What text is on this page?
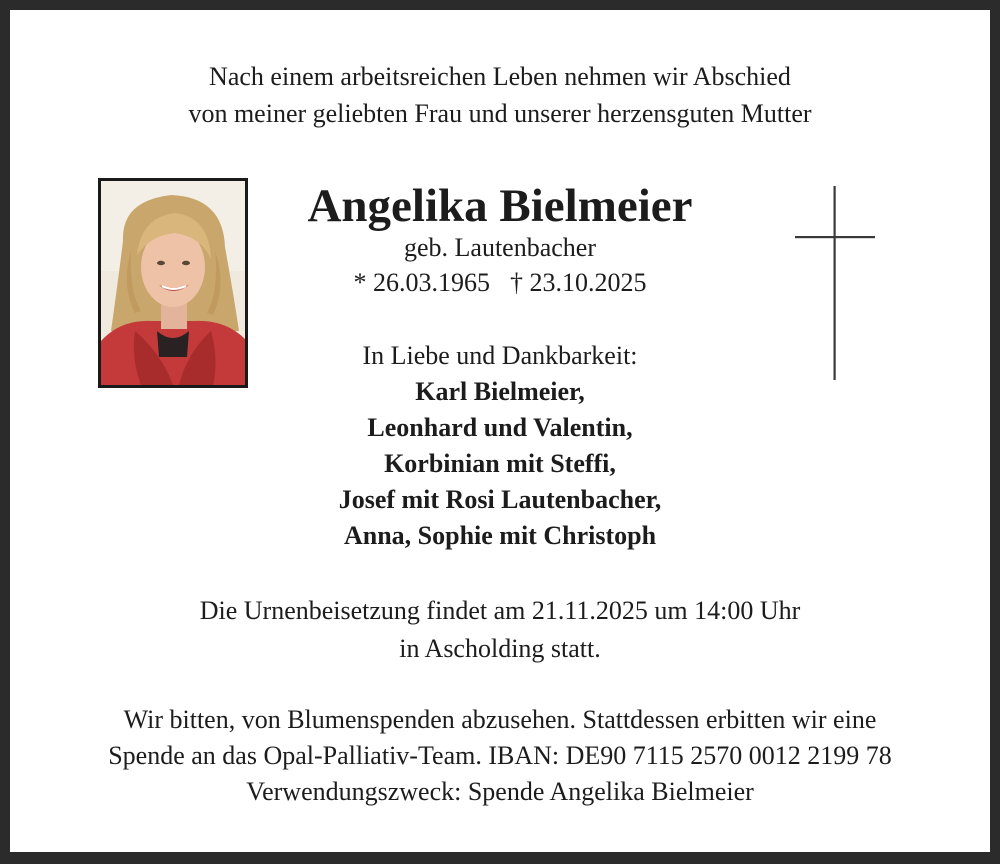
Nach einem arbeitsreichen Leben nehmen wir Abschied
von meiner geliebten Frau und unserer herzensguten Mutter
Angelika Bielmeier
geb. Lautenbacher
* 26.03.1965 † 23.10.2025
In Liebe und Dankbarkeit:
Karl Bielmeier,
Leonhard und Valentin,
Korbinian mit Steffi,
Josef mit Rosi Lautenbacher,
Anna, Sophie mit Christoph
Die Urnenbeisetzung findet am 21.11.2025 um 14:00 Uhr
in Ascholding statt.
Wir bitten, von Blumenspenden abzusehen. Stattdessen erbitten wir eine
Spende an das Opal-Palliativ-Team. IBAN: DE90 7115 2570 0012 2199 78
Verwendungszweck: Spende Angelika Bielmeier
